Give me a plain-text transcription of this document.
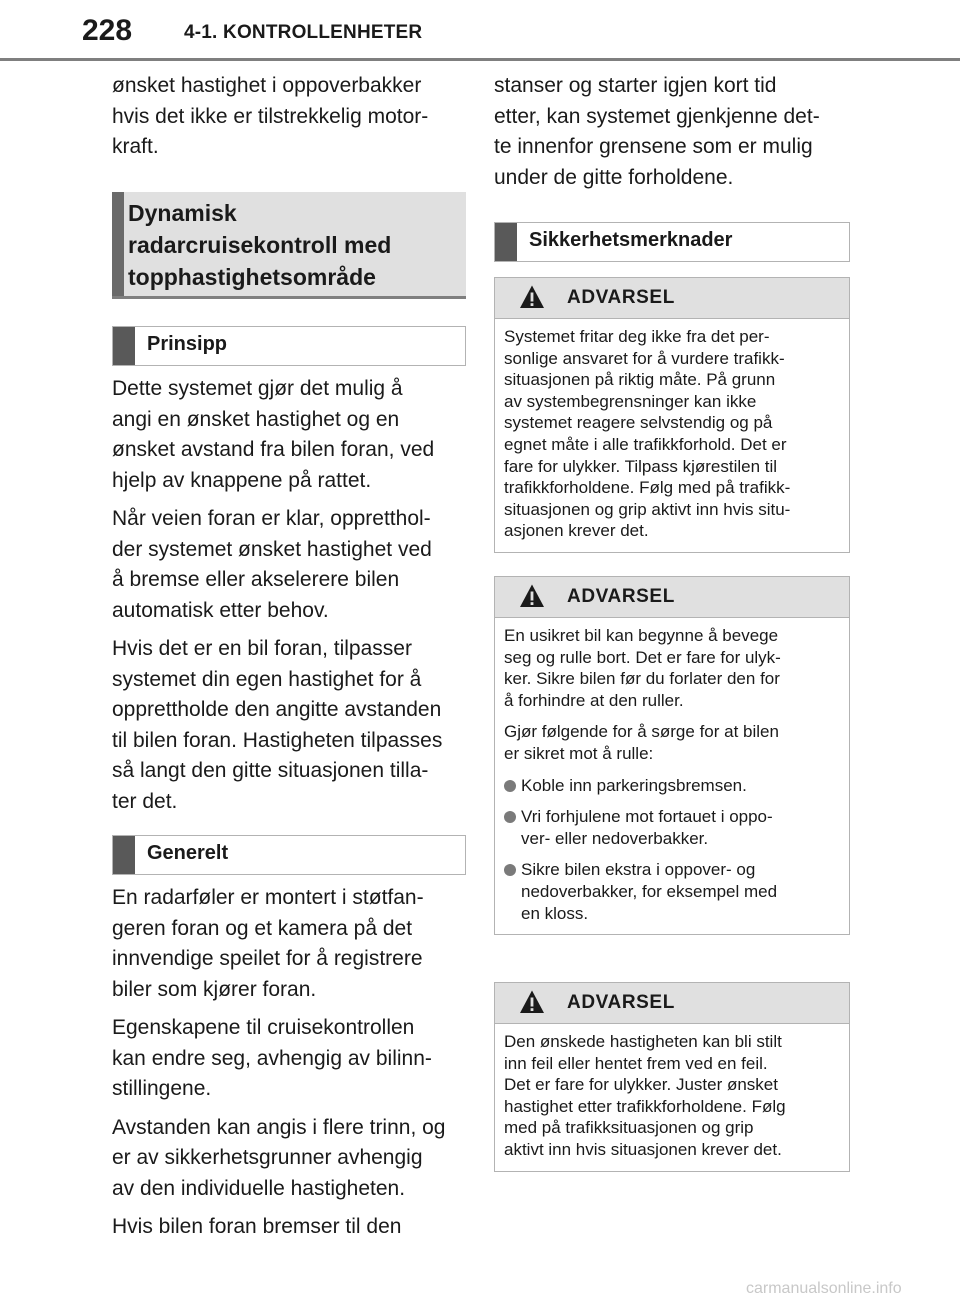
228	4-1. KONTROLLENHETER

ønsket hastighet i oppoverbakker
hvis det ikke er tilstrekkelig motor-
kraft.

Dynamisk
radarcruisekontroll med
topphastighetsområde
Prinsipp

Dette systemet gjør det mulig å
angi en ønsket hastighet og en
ønsket avstand fra bilen foran, ved
hjelp av knappene på rattet.

Når veien foran er klar, oppretthol-
der systemet ønsket hastighet ved
å bremse eller akselerere bilen
automatisk etter behov.

Hvis det er en bil foran, tilpasser
systemet din egen hastighet for å
opprettholde den angitte avstanden
til bilen foran. Hastigheten tilpasses
så langt den gitte situasjonen tilla-
ter det.

Generelt

En radarføler er montert i støtfan-
geren foran og et kamera på det
innvendige speilet for å registrere
biler som kjører foran.

Egenskapene til cruisekontrollen
kan endre seg, avhengig av bilinn-
stillingene.

Avstanden kan angis i flere trinn, og
er av sikkerhetsgrunner avhengig
av den individuelle hastigheten.

Hvis bilen foran bremser til den

stanser og starter igjen kort tid
etter, kan systemet gjenkjenne det-
te innenfor grensene som er mulig
under de gitte forholdene.

Sikkerhetsmerknader
ADVARSEL

Systemet fritar deg ikke fra det per-
sonlige ansvaret for å vurdere trafikk-
situasjonen på riktig måte. På grunn
av systembegrensninger kan ikke
systemet reagere selvstendig og på
egnet måte i alle trafikkforhold. Det er
fare for ulykker. Tilpass kjørestilen til
trafikkforholdene. Følg med på trafikk-
situasjonen og grip aktivt inn hvis situ-
asjonen krever det.

ADVARSEL

En usikret bil kan begynne å bevege
seg og rulle bort. Det er fare for ulyk-
ker. Sikre bilen før du forlater den for
å forhindre at den ruller.

Gjør følgende for å sørge for at bilen
er sikret mot å rulle:

Koble inn parkeringsbremsen.
Vri forhjulene mot fortauet i oppo-
ver- eller nedoverbakker.
Sikre bilen ekstra i oppover- og
nedoverbakker, for eksempel med
en kloss.
ADVARSEL

Den ønskede hastigheten kan bli stilt
inn feil eller hentet frem ved en feil.
Det er fare for ulykker. Juster ønsket
hastighet etter trafikkforholdene. Følg
med på trafikksituasjonen og grip
aktivt inn hvis situasjonen krever det.

carmanualsonline.info
